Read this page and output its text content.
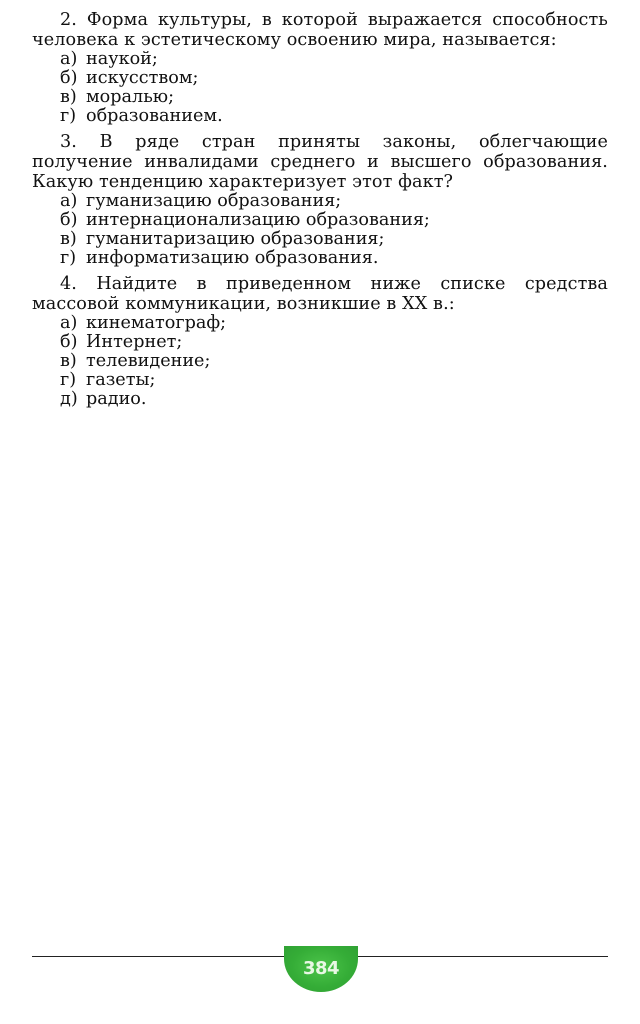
2. Форма культуры, в которой выражается способность человека к эстетическому освоению мира, называется:

а) наукой;
б) искусством;
в) моралью;
г) образованием.

3. В ряде стран приняты законы, облегчающие получение инвалидами среднего и высшего образования. Какую тенденцию характеризует этот факт?

а) гуманизацию образования;
б) интернационализацию образования;
в) гуманитаризацию образования;
г) информатизацию образования.

4. Найдите в приведенном ниже списке средства массовой коммуникации, возникшие в XX в.:

а) кинематограф;
б) Интернет;
в) телевидение;
г) газеты;
д) радио.
384
